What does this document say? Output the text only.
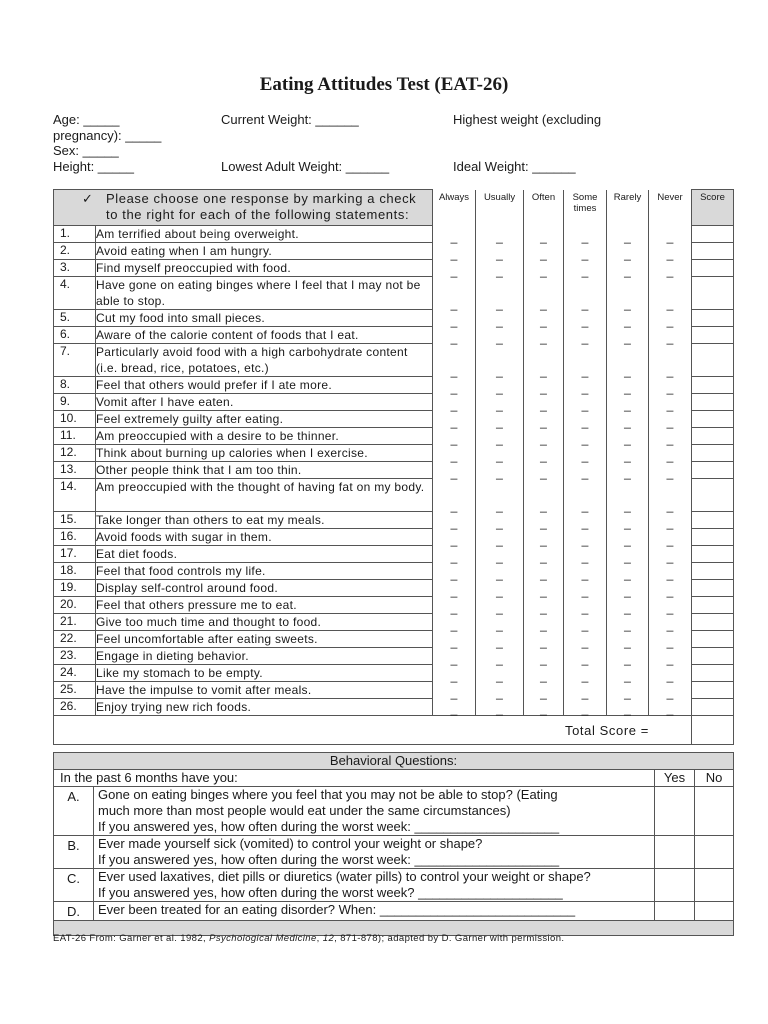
Eating Attitudes Test (EAT-26)
Age: _____
pregnancy): _____
Sex: _____
Height: _____
Current Weight: ______
Lowest Adult Weight: ______
Highest weight (excluding
Ideal Weight: ______
✓ Please choose one response by marking a check to the right for each of the following statements:		Always	Usually	Often	Some times	Rarely	Never	Score
1.	Am terrified about being overweight.	_	_	_	_	_	_	
2.	Avoid eating when I am hungry.	_	_	_	_	_	_	
3.	Find myself preoccupied with food.	_	_	_	_	_	_	
4.	Have gone on eating binges where I feel that I may not be able to stop.	_	_	_	_	_	_	
5.	Cut my food into small pieces.	_	_	_	_	_	_	
6.	Aware of the calorie content of foods that I eat.	_	_	_	_	_	_	
7.	Particularly avoid food with a high carbohydrate content (i.e. bread, rice, potatoes, etc.)	_	_	_	_	_	_	
8.	Feel that others would prefer if I ate more.	_	_	_	_	_	_	
9.	Vomit after I have eaten.	_	_	_	_	_	_	
10.	Feel extremely guilty after eating.	_	_	_	_	_	_	
11.	Am preoccupied with a desire to be thinner.	_	_	_	_	_	_	
12.	Think about burning up calories when I exercise.	_	_	_	_	_	_	
13.	Other people think that I am too thin.	_	_	_	_	_	_	
14.	Am preoccupied with the thought of having fat on my body.	_	_	_	_	_	_	
15.	Take longer than others to eat my meals.	_	_	_	_	_	_	
16.	Avoid foods with sugar in them.	_	_	_	_	_	_	
17.	Eat diet foods.	_	_	_	_	_	_	
18.	Feel that food controls my life.	_	_	_	_	_	_	
19.	Display self-control around food.	_	_	_	_	_	_	
20.	Feel that others pressure me to eat.	_	_	_	_	_	_	
21.	Give too much time and thought to food.	_	_	_	_	_	_	
22.	Feel uncomfortable after eating sweets.	_	_	_	_	_	_	
23.	Engage in dieting behavior.	_	_	_	_	_	_	
24.	Like my stomach to be empty.	_	_	_	_	_	_	
25.	Have the impulse to vomit after meals.	_	_	_	_	_	_	
26.	Enjoy trying new rich foods.	_	_	_	_	_	_	
Total Score =								
Behavioral Questions:			
In the past 6 months have you:		Yes	No
A.	Gone on eating binges where you feel that you may not be able to stop? (Eating
much more than most people would eat under the same circumstances)
If you answered yes, how often during the worst week: ____________________		

B.	Ever made yourself sick (vomited) to control your weight or shape?
If you answered yes, how often during the worst week: ____________________		

C.	Ever used laxatives, diet pills or diuretics (water pills) to control your weight or shape?
If you answered yes, how often during the worst week? ____________________		

D.	Ever been treated for an eating disorder? When: ___________________________		

EAT-26 From: Garner et al. 1982, Psychological Medicine, 12, 871-878); adapted by D. Garner with permission.
